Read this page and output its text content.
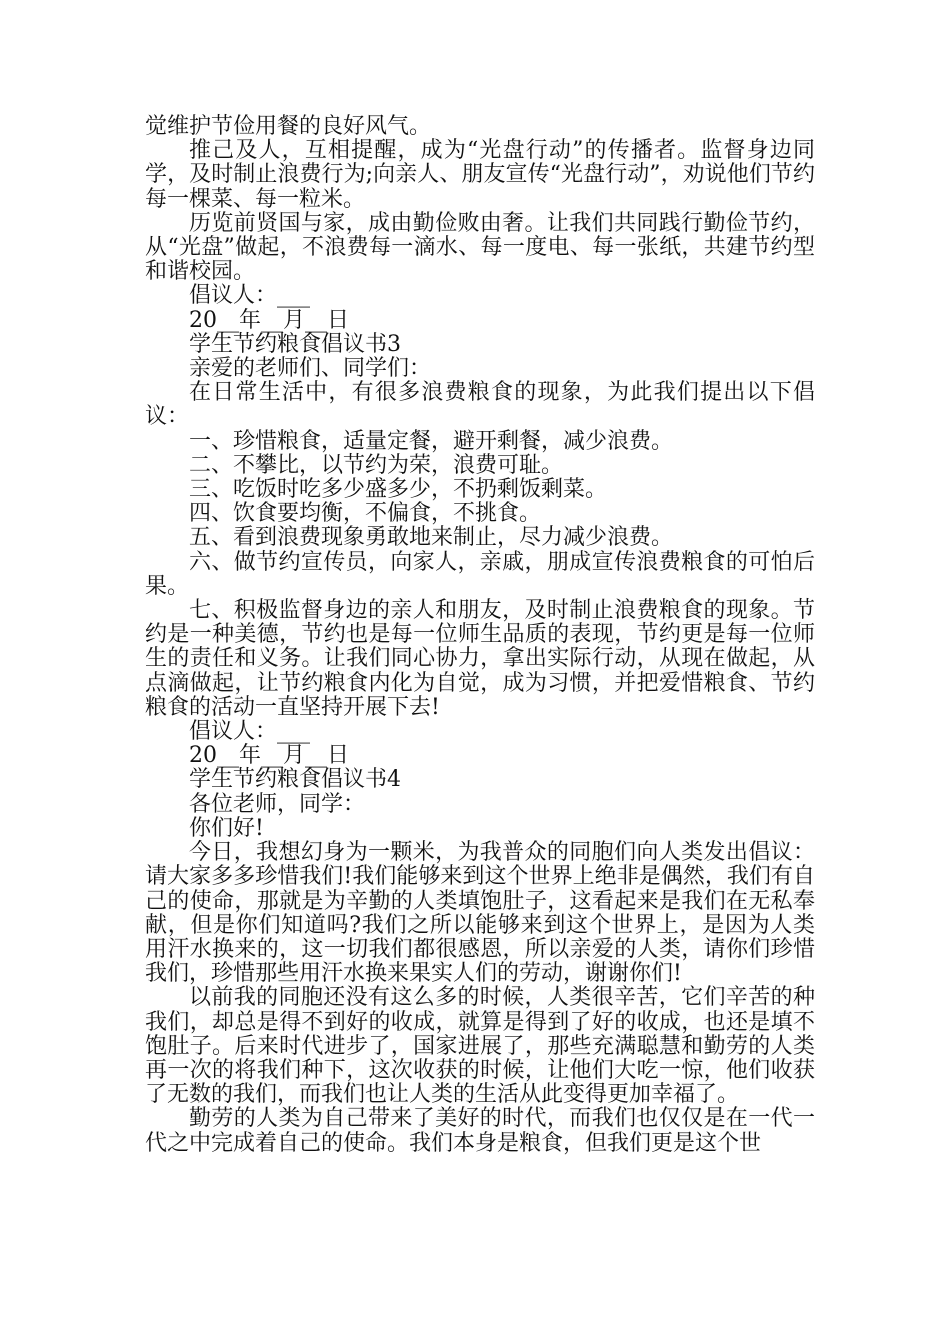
觉维护节俭用餐的良好风气。

推己及人，互相提醒，成为“光盘行动”的传播者。监督身边同学，及时制止浪费行为;向亲人、朋友宣传“光盘行动”，劝说他们节约每一棵菜、每一粒米。

历览前贤国与家，成由勤俭败由奢。让我们共同践行勤俭节约，从“光盘”做起，不浪费每一滴水、每一度电、每一张纸，共建节约型和谐校园。

倡议人：___

20__年__月__日

学生节约粮食倡议书3

亲爱的老师们、同学们：

在日常生活中，有很多浪费粮食的现象，为此我们提出以下倡议：

一、珍惜粮食，适量定餐，避开剩餐，减少浪费。

二、不攀比，以节约为荣，浪费可耻。

三、吃饭时吃多少盛多少，不扔剩饭剩菜。

四、饮食要均衡，不偏食，不挑食。

五、看到浪费现象勇敢地来制止，尽力减少浪费。

六、做节约宣传员，向家人，亲戚，朋成宣传浪费粮食的可怕后果。

七、积极监督身边的亲人和朋友，及时制止浪费粮食的现象。节约是一种美德，节约也是每一位师生品质的表现，节约更是每一位师生的责任和义务。让我们同心协力，拿出实际行动，从现在做起，从点滴做起，让节约粮食内化为自觉，成为习惯，并把爱惜粮食、节约粮食的活动一直坚持开展下去!

倡议人：___

20__年__月__日

学生节约粮食倡议书4

各位老师，同学：

你们好!

今日，我想幻身为一颗米，为我普众的同胞们向人类发出倡议：请大家多多珍惜我们!我们能够来到这个世界上绝非是偶然，我们有自己的使命，那就是为辛勤的人类填饱肚子，这看起来是我们在无私奉献，但是你们知道吗?我们之所以能够来到这个世界上，是因为人类用汗水换来的，这一切我们都很感恩，所以亲爱的人类，请你们珍惜我们，珍惜那些用汗水换来果实人们的劳动，谢谢你们!

以前我的同胞还没有这么多的时候，人类很辛苦，它们辛苦的种我们，却总是得不到好的收成，就算是得到了好的收成，也还是填不饱肚子。后来时代进步了，国家进展了，那些充满聪慧和勤劳的人类再一次的将我们种下，这次收获的时候，让他们大吃一惊，他们收获了无数的我们，而我们也让人类的生活从此变得更加幸福了。

勤劳的人类为自己带来了美好的时代，而我们也仅仅是在一代一代之中完成着自己的使命。我们本身是粮食，但我们更是这个世
